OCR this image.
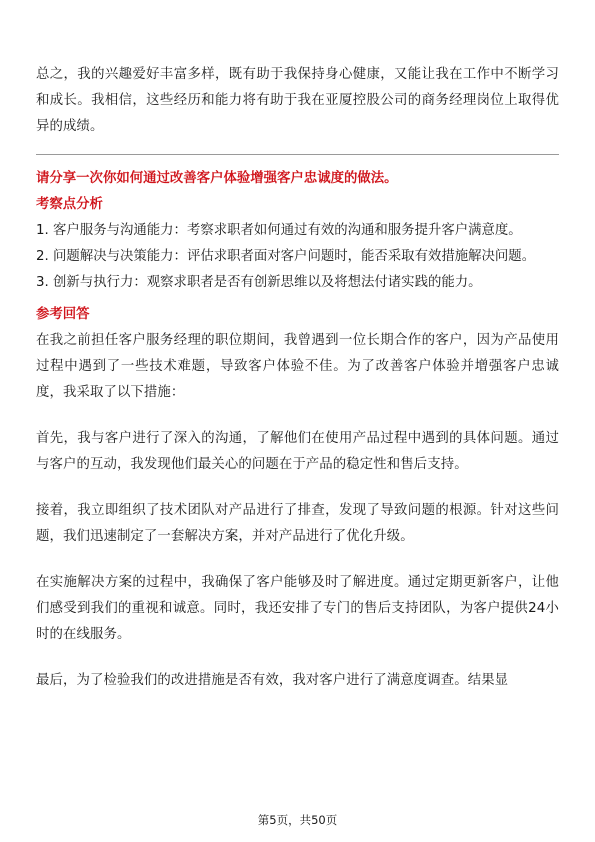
总之，我的兴趣爱好丰富多样，既有助于我保持身心健康，又能让我在工作中不断学习和成长。我相信，这些经历和能力将有助于我在亚厦控股公司的商务经理岗位上取得优异的成绩。

请分享一次你如何通过改善客户体验增强客户忠诚度的做法。

考察点分析

1. 客户服务与沟通能力：考察求职者如何通过有效的沟通和服务提升客户满意度。

2. 问题解决与决策能力：评估求职者面对客户问题时，能否采取有效措施解决问题。

3. 创新与执行力：观察求职者是否有创新思维以及将想法付诸实践的能力。

参考回答

在我之前担任客户服务经理的职位期间，我曾遇到一位长期合作的客户，因为产品使用过程中遇到了一些技术难题，导致客户体验不佳。为了改善客户体验并增强客户忠诚度，我采取了以下措施：

首先，我与客户进行了深入的沟通，了解他们在使用产品过程中遇到的具体问题。通过与客户的互动，我发现他们最关心的问题在于产品的稳定性和售后支持。

接着，我立即组织了技术团队对产品进行了排查，发现了导致问题的根源。针对这些问题，我们迅速制定了一套解决方案，并对产品进行了优化升级。

在实施解决方案的过程中，我确保了客户能够及时了解进度。通过定期更新客户，让他们感受到我们的重视和诚意。同时，我还安排了专门的售后支持团队，为客户提供24小时的在线服务。

最后，为了检验我们的改进措施是否有效，我对客户进行了满意度调查。结果显

第5页，共50页
